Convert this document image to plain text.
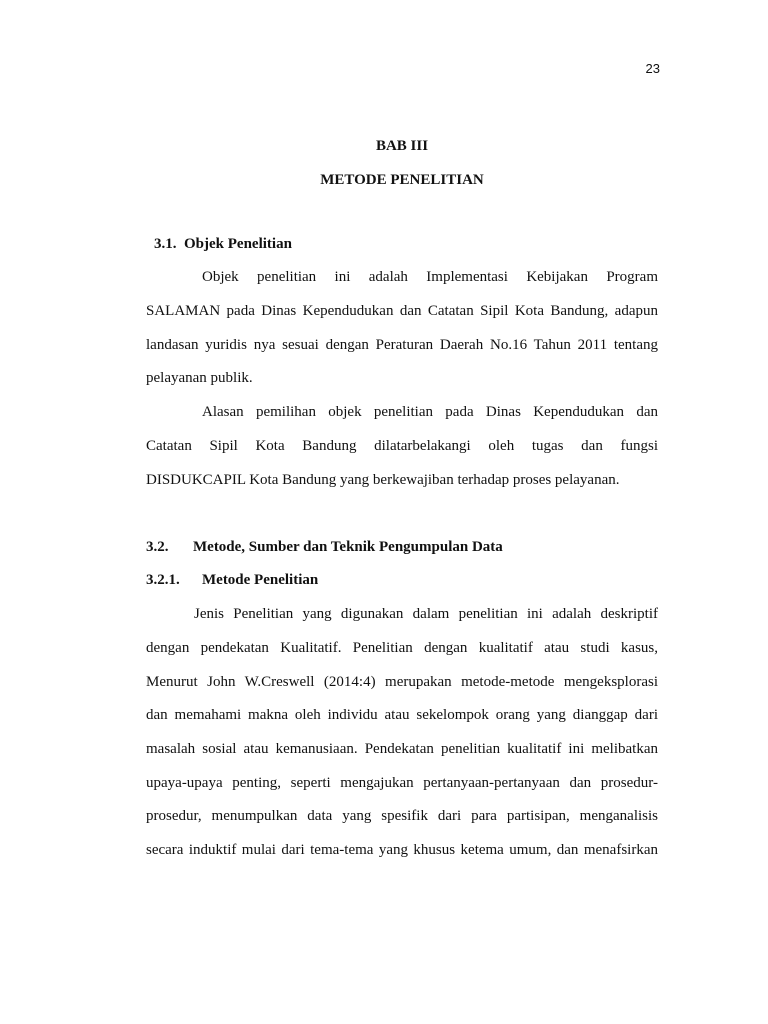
23
BAB III
METODE PENELITIAN
3.1. Objek Penelitian
Objek penelitian ini adalah Implementasi Kebijakan Program
SALAMAN pada Dinas Kependudukan dan Catatan Sipil Kota Bandung, adapun
landasan yuridis nya sesuai dengan Peraturan Daerah No.16 Tahun 2011 tentang
pelayanan publik.
Alasan pemilihan objek penelitian pada Dinas Kependudukan dan
Catatan Sipil Kota Bandung dilatarbelakangi oleh tugas dan fungsi
DISDUKCAPIL Kota Bandung yang berkewajiban terhadap proses pelayanan.
3.2. Metode, Sumber dan Teknik Pengumpulan Data
3.2.1. Metode Penelitian
Jenis Penelitian yang digunakan dalam penelitian ini adalah deskriptif
dengan pendekatan Kualitatif. Penelitian dengan kualitatif atau studi kasus,
Menurut John W.Creswell (2014:4) merupakan metode-metode mengeksplorasi
dan memahami makna oleh individu atau sekelompok orang yang dianggap dari
masalah sosial atau kemanusiaan. Pendekatan penelitian kualitatif ini melibatkan
upaya-upaya penting, seperti mengajukan pertanyaan-pertanyaan dan prosedur-
prosedur, menumpulkan data yang spesifik dari para partisipan, menganalisis
secara induktif mulai dari tema-tema yang khusus ketema umum, dan menafsirkan
